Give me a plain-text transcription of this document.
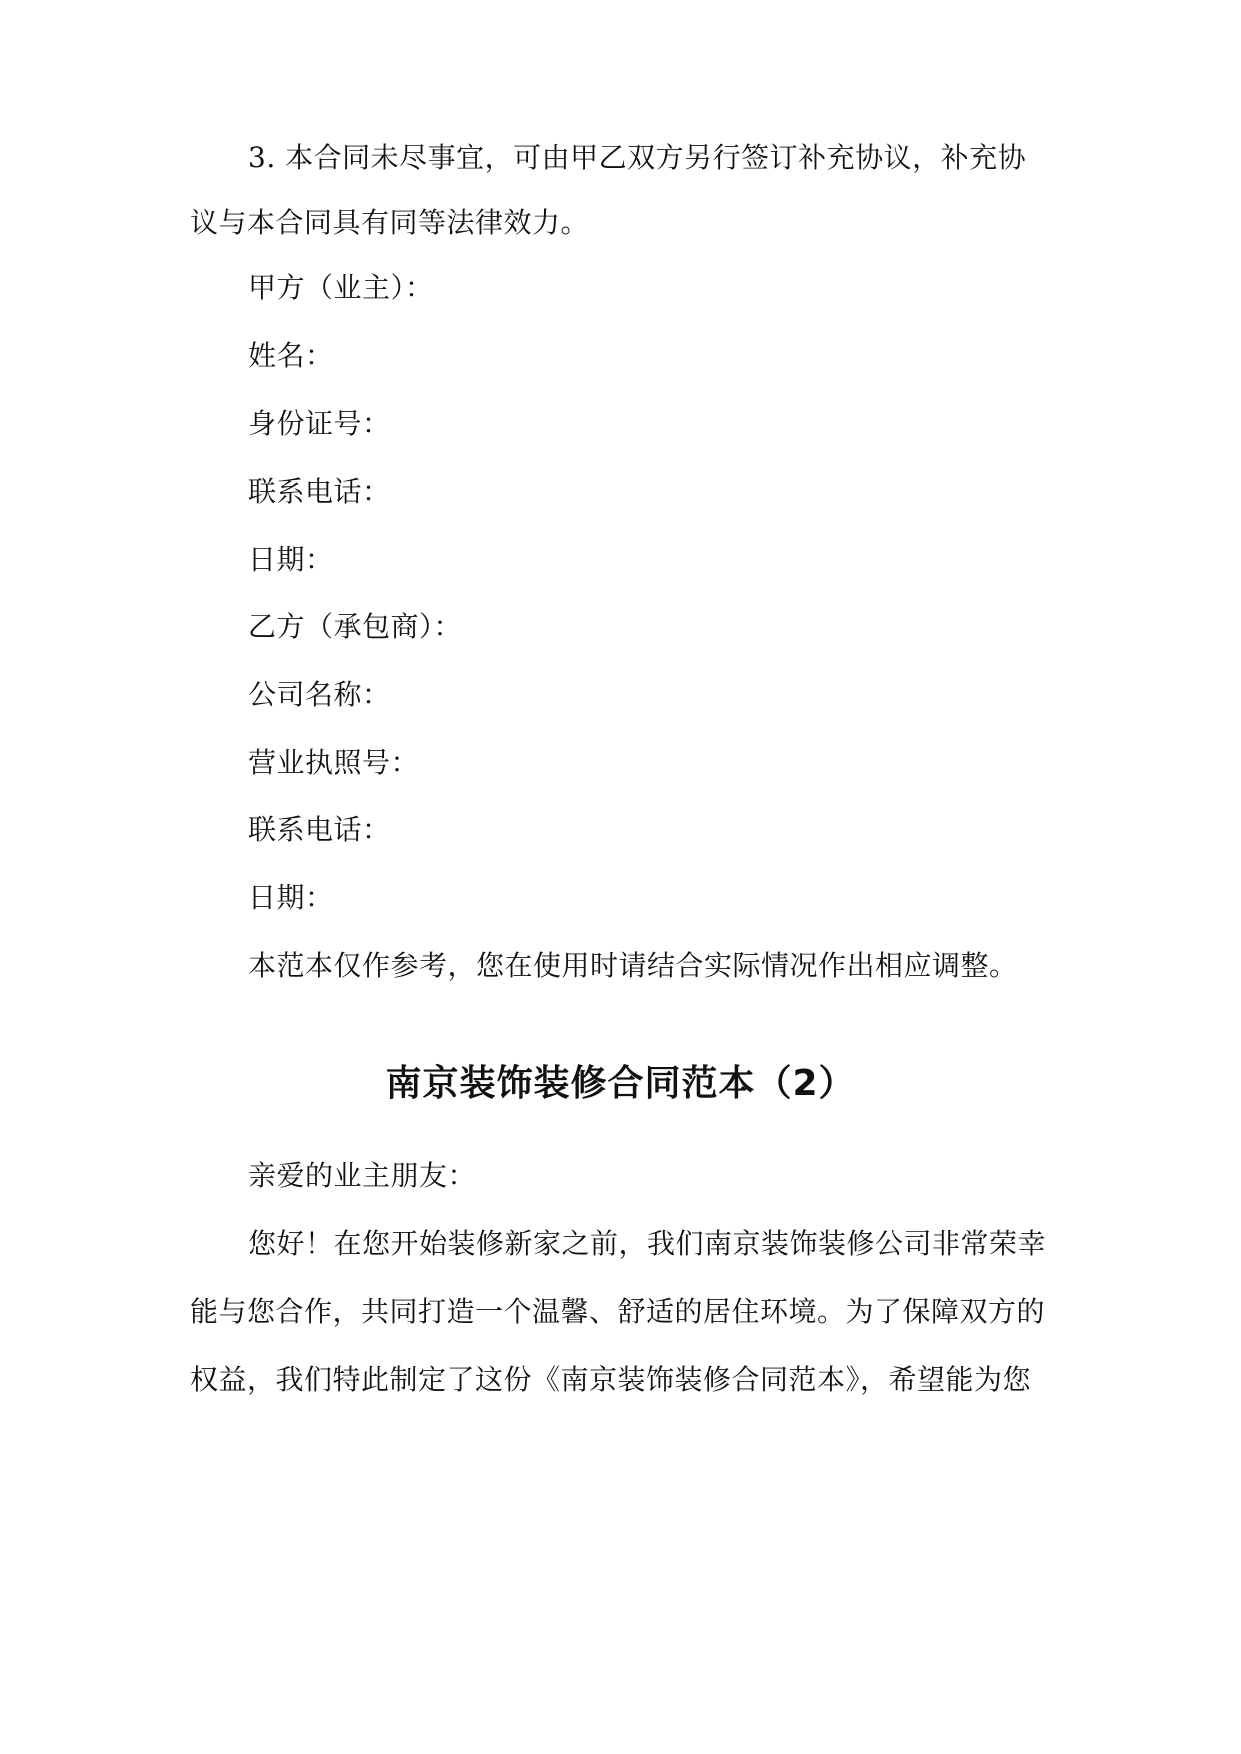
3. 本合同未尽事宜，可由甲乙双方另行签订补充协议，补充协
议与本合同具有同等法律效力。
甲方（业主）：
姓名：
身份证号：
联系电话：
日期：
乙方（承包商）：
公司名称：
营业执照号：
联系电话：
日期：
本范本仅作参考，您在使用时请结合实际情况作出相应调整。
南京装饰装修合同范本（2）
亲爱的业主朋友：
您好！在您开始装修新家之前，我们南京装饰装修公司非常荣幸
能与您合作，共同打造一个温馨、舒适的居住环境。为了保障双方的
权益，我们特此制定了这份《南京装饰装修合同范本》，希望能为您
